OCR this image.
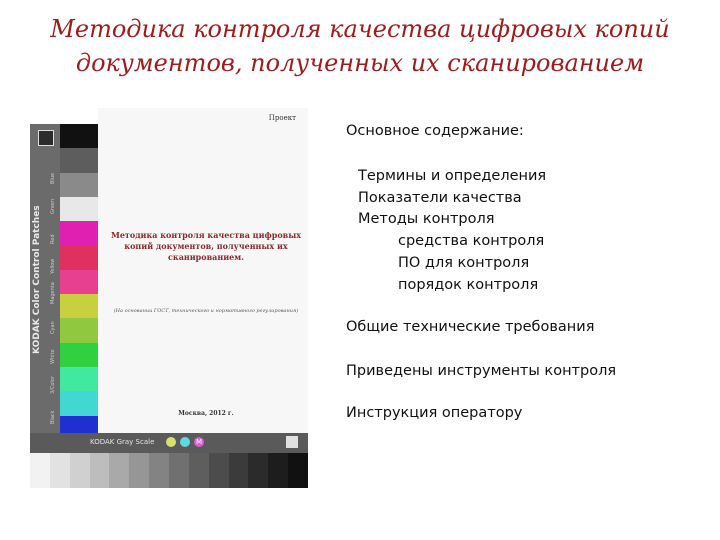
Методика контроля качества цифровых копий
документов, полученных их сканированием
KODAK Color Control Patches
Blue
Green
Red
Yellow
Magenta
Cyan
White
3/Color
Black
Проект
Методика контроля качества цифровых
копий документов, полученных их
сканированием.
(На основании ГОСТ, технического и нормативного регулирования)
Москва, 2012 г.
KODAK Gray Scale	M
Основное содержание:
Термины и определения
Показатели качества
Методы контроля
средства контроля
ПО для контроля
порядок контроля
Общие технические требования
Приведены инструменты контроля
Инструкция оператору
